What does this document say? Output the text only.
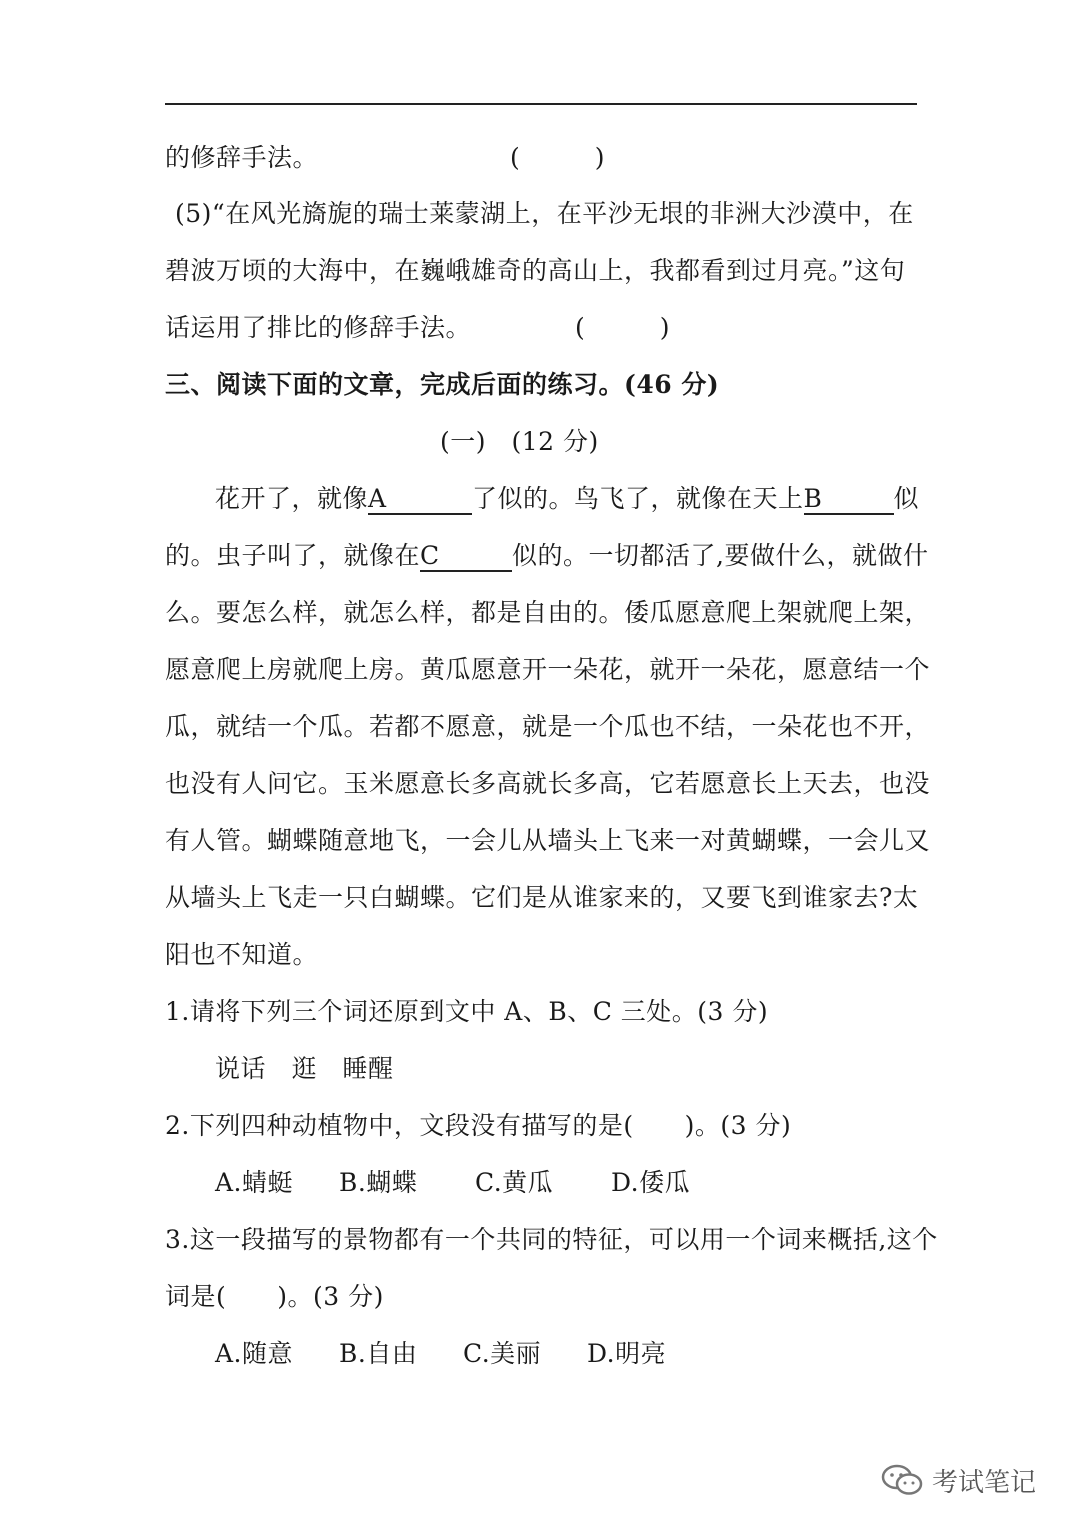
的修辞手法。	(　　　)
(5)“在风光旖旎的瑞士莱蒙湖上，在平沙无垠的非洲大沙漠中，在
碧波万顷的大海中，在巍峨雄奇的高山上，我都看到过月亮。”这句
话运用了排比的修辞手法。	(　　　)
三、阅读下面的文章，完成后面的练习。(46 分)
(一)　(12 分)
花开了，就像A	了似的。鸟飞了，就像在天上B	似
的。虫子叫了，就像在C	似的。一切都活了,要做什么，就做什
么。要怎么样，就怎么样，都是自由的。倭瓜愿意爬上架就爬上架，
愿意爬上房就爬上房。黄瓜愿意开一朵花，就开一朵花，愿意结一个
瓜，就结一个瓜。若都不愿意，就是一个瓜也不结，一朵花也不开，
也没有人问它。玉米愿意长多高就长多高，它若愿意长上天去，也没
有人管。蝴蝶随意地飞，一会儿从墙头上飞来一对黄蝴蝶，一会儿又
从墙头上飞走一只白蝴蝶。它们是从谁家来的，又要飞到谁家去?太
阳也不知道。
1.请将下列三个词还原到文中 A、B、C 三处。(3 分)
说话　逛　睡醒
2.下列四种动植物中，文段没有描写的是(　　)。(3 分)
A.蜻蜓 B.蝴蝶 C.黄瓜 D.倭瓜
3.这一段描写的景物都有一个共同的特征，可以用一个词来概括,这个
词是(　　)。(3 分)
A.随意 B.自由 C.美丽 D.明亮
考试笔记
